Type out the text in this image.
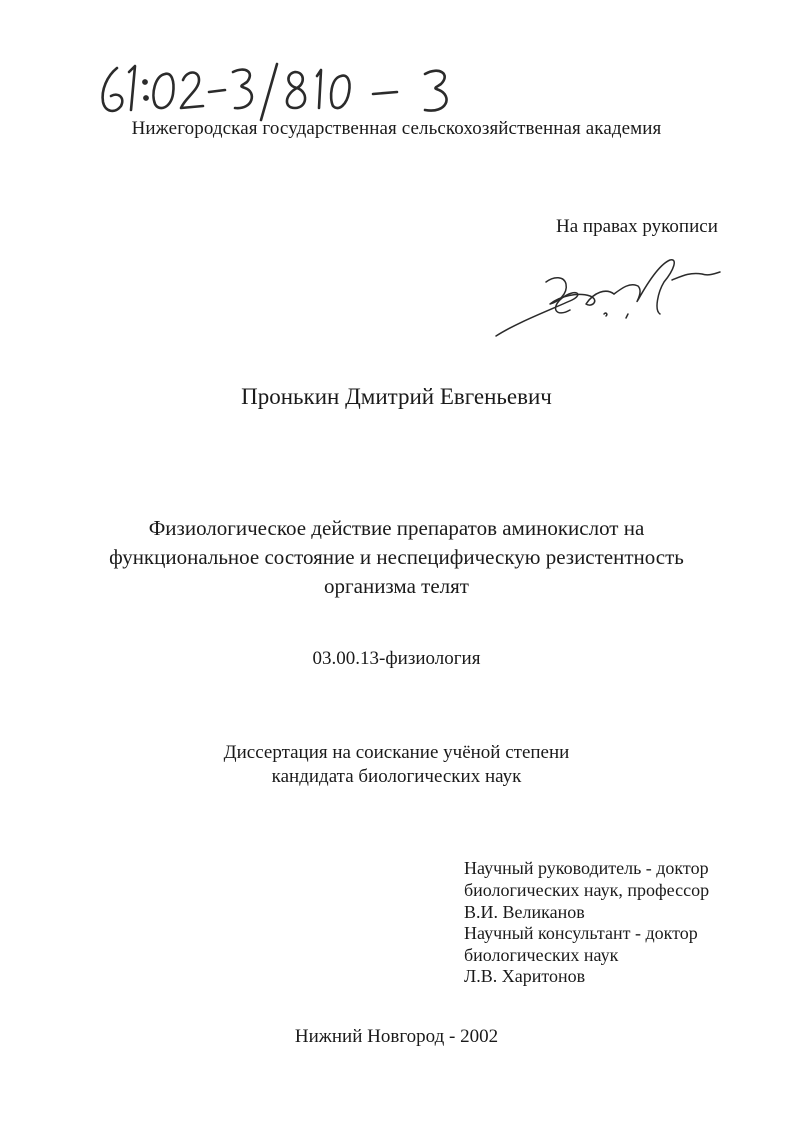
Нижегородская государственная сельскохозяйственная академия
На правах рукописи
Пронькин Дмитрий Евгеньевич
Физиологическое действие препаратов аминокислот на
функциональное состояние и неспецифическую резистентность
организма телят
03.00.13-физиология
Диссертация на соискание учёной степени
кандидата биологических наук
Научный руководитель - доктор
биологических наук, профессор
В.И. Великанов
Научный консультант - доктор
биологических наук
Л.В. Харитонов
Нижний Новгород - 2002
